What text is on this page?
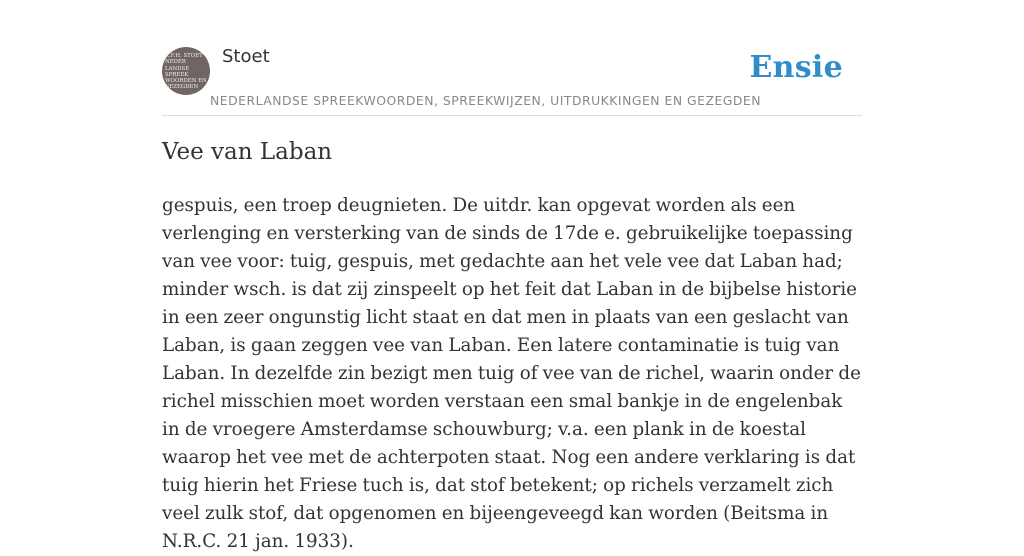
K.F.H. STOET
NEDER LANDSE SPREEK WOORDEN EN GEZEGDEN
Stoet
NEDERLANDSE SPREEKWOORDEN, SPREEKWIJZEN, UITDRUKKINGEN EN GEZEGDEN
Ensie
Vee van Laban

gespuis, een troep deugnieten. De uitdr. kan opgevat worden als een verlenging en versterking van de sinds de 17de e. gebruikelijke toepassing van vee voor: tuig, gespuis, met gedachte aan het vele vee dat Laban had; minder wsch. is dat zij zinspeelt op het feit dat Laban in de bijbelse historie in een zeer ongunstig licht staat en dat men in plaats van een geslacht van Laban, is gaan zeggen vee van Laban. Een latere contaminatie is tuig van Laban. In dezelfde zin bezigt men tuig of vee van de richel, waarin onder de richel misschien moet worden verstaan een smal bankje in de engelenbak in de vroegere Amsterdamse schouwburg; v.a. een plank in de koestal waarop het vee met de achterpoten staat. Nog een andere verklaring is dat tuig hierin het Friese tuch is, dat stof betekent; op richels verzamelt zich veel zulk stof, dat opgenomen en bijeengeveegd kan worden (Beitsma in N.R.C. 21 jan. 1933).
